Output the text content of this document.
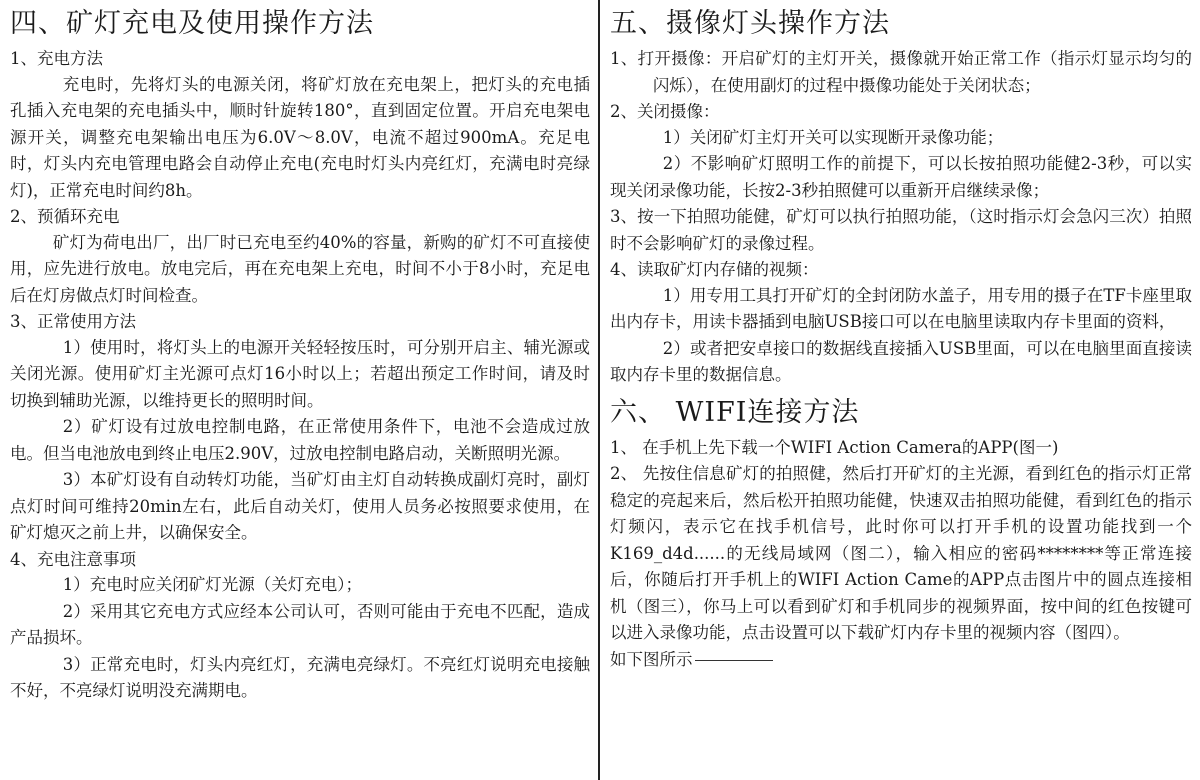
四、矿灯充电及使用操作方法

1、充电方法

充电时，先将灯头的电源关闭，将矿灯放在充电架上，把灯头的充电插孔插入充电架的充电插头中，顺时针旋转180°，直到固定位置。开启充电架电源开关，调整充电架输出电压为6.0V～8.0V，电流不超过900mA。充足电时，灯头内充电管理电路会自动停止充电(充电时灯头内亮红灯，充满电时亮绿灯)，正常充电时间约8h。

2、预循环充电

矿灯为荷电出厂，出厂时已充电至约40%的容量，新购的矿灯不可直接使用，应先进行放电。放电完后，再在充电架上充电，时间不小于8小时，充足电后在灯房做点灯时间检查。

3、正常使用方法

1）使用时，将灯头上的电源开关轻轻按压时，可分别开启主、辅光源或关闭光源。使用矿灯主光源可点灯16小时以上；若超出预定工作时间，请及时切换到辅助光源，以维持更长的照明时间。

2）矿灯设有过放电控制电路，在正常使用条件下，电池不会造成过放电。但当电池放电到终止电压2.90V，过放电控制电路启动，关断照明光源。

3）本矿灯设有自动转灯功能，当矿灯由主灯自动转换成副灯亮时，副灯点灯时间可维持20min左右，此后自动关灯，使用人员务必按照要求使用，在矿灯熄灭之前上井，以确保安全。

4、充电注意事项

1）充电时应关闭矿灯光源（关灯充电）；

2）采用其它充电方式应经本公司认可，否则可能由于充电不匹配，造成产品损坏。

3）正常充电时，灯头内亮红灯，充满电亮绿灯。不亮红灯说明充电接触不好，不亮绿灯说明没充满期电。

五、摄像灯头操作方法

1、打开摄像：开启矿灯的主灯开关，摄像就开始正常工作（指示灯显示均匀的闪烁），在使用副灯的过程中摄像功能处于关闭状态；

2、关闭摄像：

1）关闭矿灯主灯开关可以实现断开录像功能；

2）不影响矿灯照明工作的前提下，可以长按拍照功能健2-3秒，可以实现关闭录像功能，长按2-3秒拍照健可以重新开启继续录像；

3、按一下拍照功能健，矿灯可以执行拍照功能，（这时指示灯会急闪三次）拍照时不会影响矿灯的录像过程。

4、读取矿灯内存储的视频：

1）用专用工具打开矿灯的全封闭防水盖子，用专用的摄子在TF卡座里取出内存卡，用读卡器插到电脑USB接口可以在电脑里读取内存卡里面的资料，

2）或者把安卓接口的数据线直接插入USB里面，可以在电脑里面直接读取内存卡里的数据信息。

六、 WIFI连接方法

1、 在手机上先下载一个WIFI Action Camera的APP(图一)

2、 先按住信息矿灯的拍照健，然后打开矿灯的主光源，看到红色的指示灯正常稳定的亮起来后，然后松开拍照功能健，快速双击拍照功能健，看到红色的指示灯频闪，表示它在找手机信号，此时你可以打开手机的设置功能找到一个K169_d4d......的无线局域网（图二），输入相应的密码********等正常连接后，你随后打开手机上的WIFI Action Came的APP点击图片中的圆点连接相机（图三），你马上可以看到矿灯和手机同步的视频界面，按中间的红色按键可以进入录像功能，点击设置可以下载矿灯内存卡里的视频内容（图四）。

如下图所示
